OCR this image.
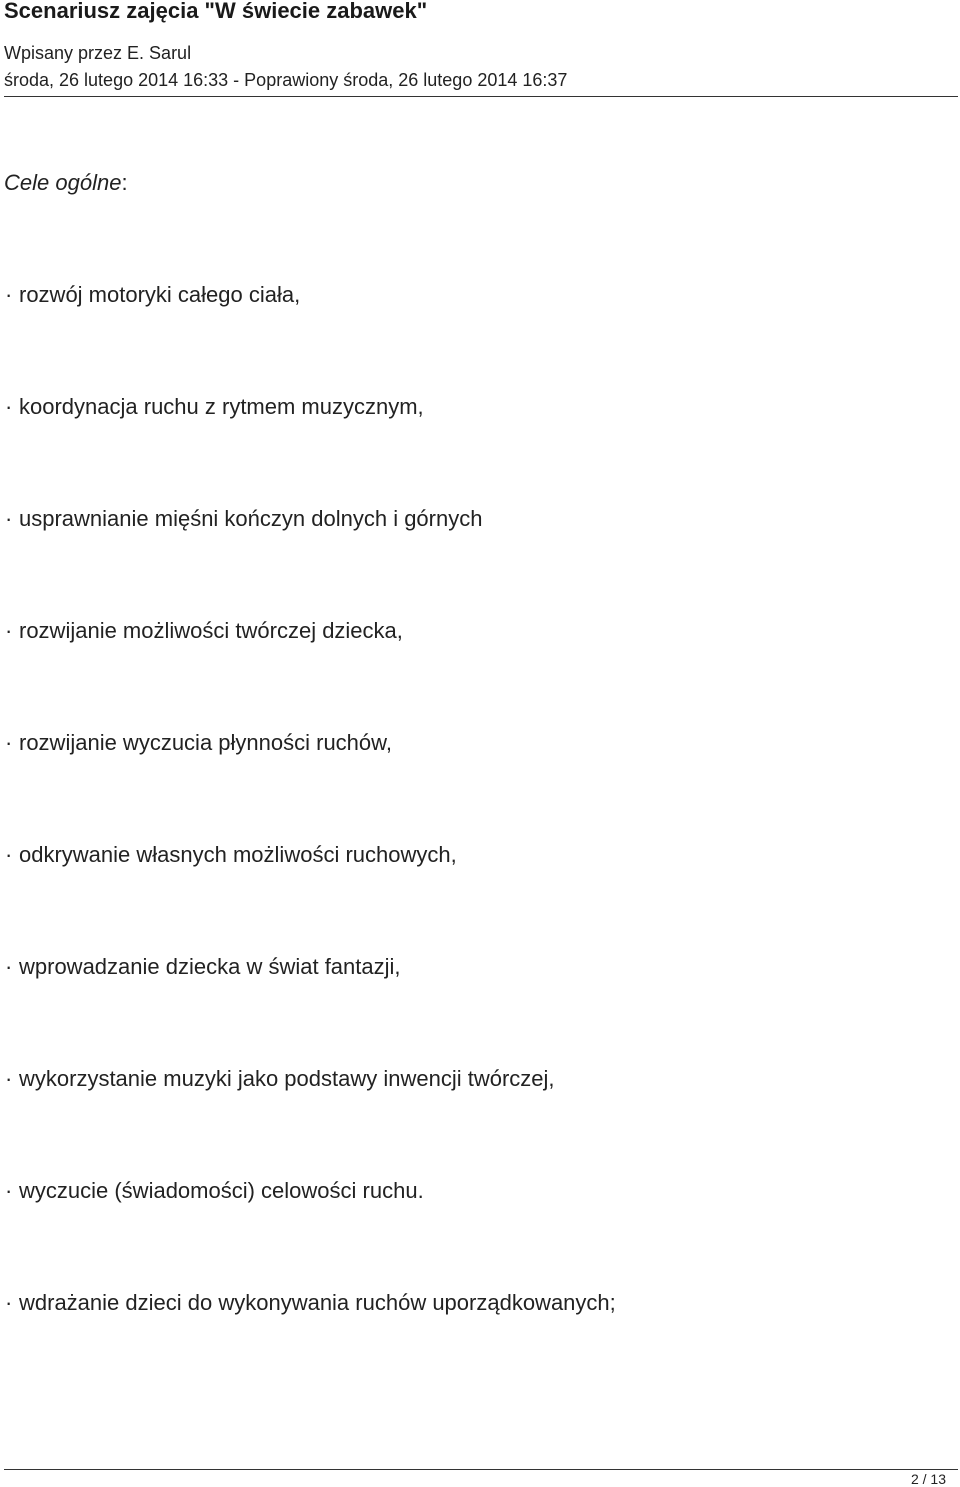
Scenariusz zajęcia "W świecie zabawek"
Wpisany przez E. Sarul
środa, 26 lutego 2014 16:33 - Poprawiony środa, 26 lutego 2014 16:37
Cele ogólne:
· rozwój motoryki całego ciała,
· koordynacja ruchu z rytmem muzycznym,
· usprawnianie mięśni kończyn dolnych i górnych
· rozwijanie możliwości twórczej dziecka,
· rozwijanie wyczucia płynności ruchów,
· odkrywanie własnych możliwości ruchowych,
· wprowadzanie dziecka w świat fantazji,
· wykorzystanie muzyki jako podstawy inwencji twórczej,
· wyczucie (świadomości) celowości ruchu.
· wdrażanie dzieci do wykonywania ruchów uporządkowanych;
2 / 13
